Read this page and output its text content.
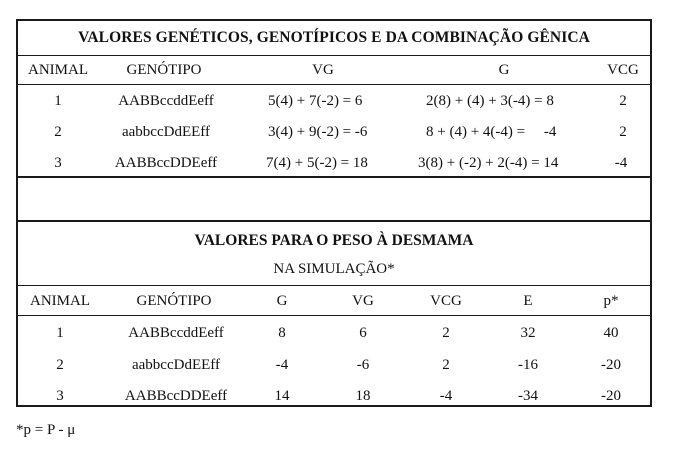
VALORES GENÉTICOS, GENOTÍPICOS E DA COMBINAÇÃO GÊNICA
ANIMAL	GENÓTIPO	VG	G	VCG
1	AABBccddEeff	5(4) + 7(-2) = 6	2(8) + (4) + 3(-4) = 8	2
2	aabbccDdEEff	3(4) + 9(-2) = -6	8 + (4) + 4(-4) =     -4	2
3	AABBccDDEeff	7(4) + 5(-2) = 18	3(8) + (-2) + 2(-4) = 14	-4
VALORES PARA O PESO À DESMAMA
NA SIMULAÇÃO*
ANIMAL	GENÓTIPO	G	VG	VCG	E	p*
1	AABBccddEeff	8	6	2	32	40
2	aabbccDdEEff	-4	-6	2	-16	-20
3	AABBccDDEeff	14	18	-4	-34	-20
*p = P - μ
